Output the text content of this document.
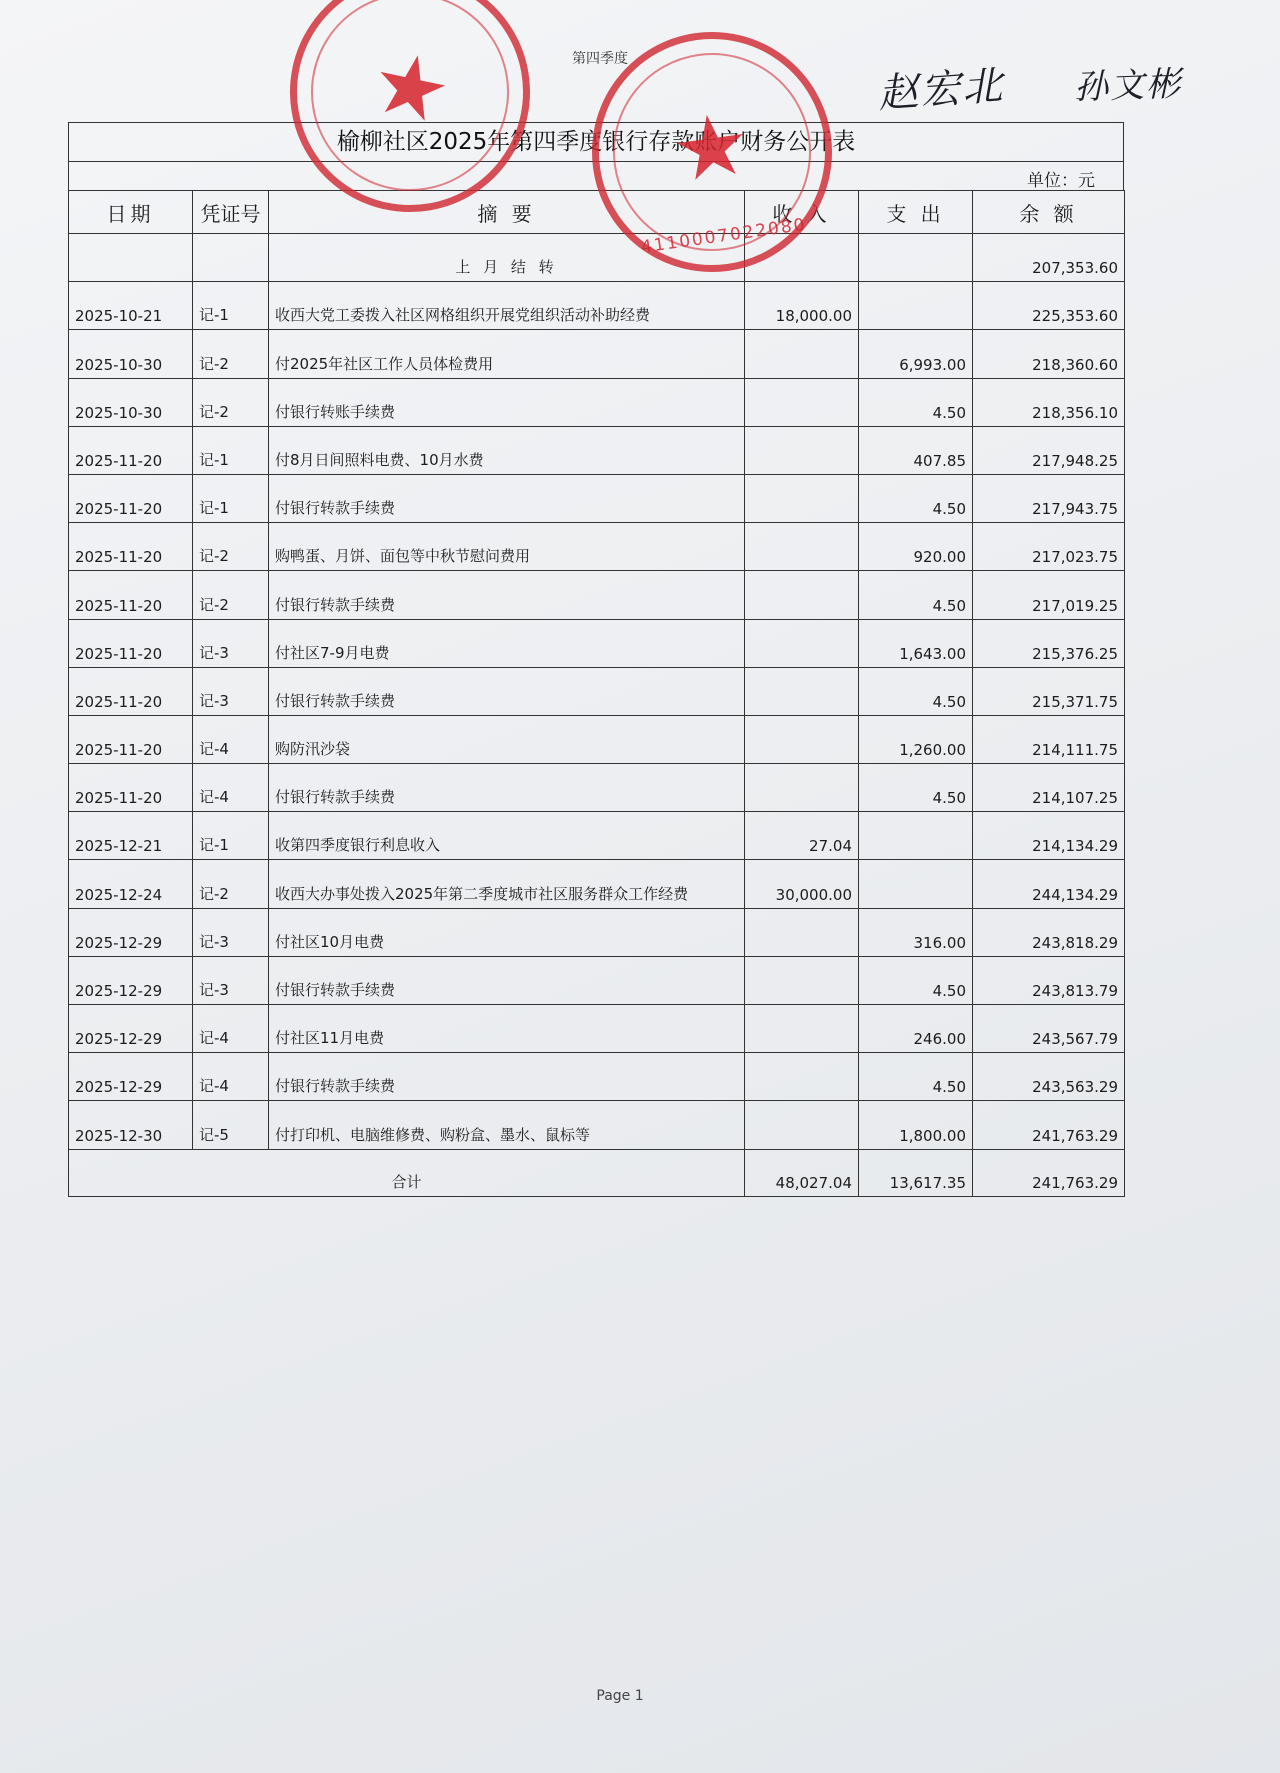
第四季度
赵宏北 孙文彬
榆柳社区2025年第四季度银行存款账户财务公开表
单位：元
日期	凭证号	摘 要	收 入	支 出	余 额
		上 月 结 转			207,353.60
2025-10-21	记-1	收西大党工委拨入社区网格组织开展党组织活动补助经费	18,000.00		225,353.60
2025-10-30	记-2	付2025年社区工作人员体检费用		6,993.00	218,360.60
2025-10-30	记-2	付银行转账手续费		4.50	218,356.10
2025-11-20	记-1	付8月日间照料电费、10月水费		407.85	217,948.25
2025-11-20	记-1	付银行转款手续费		4.50	217,943.75
2025-11-20	记-2	购鸭蛋、月饼、面包等中秋节慰问费用		920.00	217,023.75
2025-11-20	记-2	付银行转款手续费		4.50	217,019.25
2025-11-20	记-3	付社区7-9月电费		1,643.00	215,376.25
2025-11-20	记-3	付银行转款手续费		4.50	215,371.75
2025-11-20	记-4	购防汛沙袋		1,260.00	214,111.75
2025-11-20	记-4	付银行转款手续费		4.50	214,107.25
2025-12-21	记-1	收第四季度银行利息收入	27.04		214,134.29
2025-12-24	记-2	收西大办事处拨入2025年第二季度城市社区服务群众工作经费	30,000.00		244,134.29
2025-12-29	记-3	付社区10月电费		316.00	243,818.29
2025-12-29	记-3	付银行转款手续费		4.50	243,813.79
2025-12-29	记-4	付社区11月电费		246.00	243,567.79
2025-12-29	记-4	付银行转款手续费		4.50	243,563.29
2025-12-30	记-5	付打印机、电脑维修费、购粉盒、墨水、鼠标等		1,800.00	241,763.29
合计			48,027.04	13,617.35	241,763.29
★
★
4110007022080
Page 1
